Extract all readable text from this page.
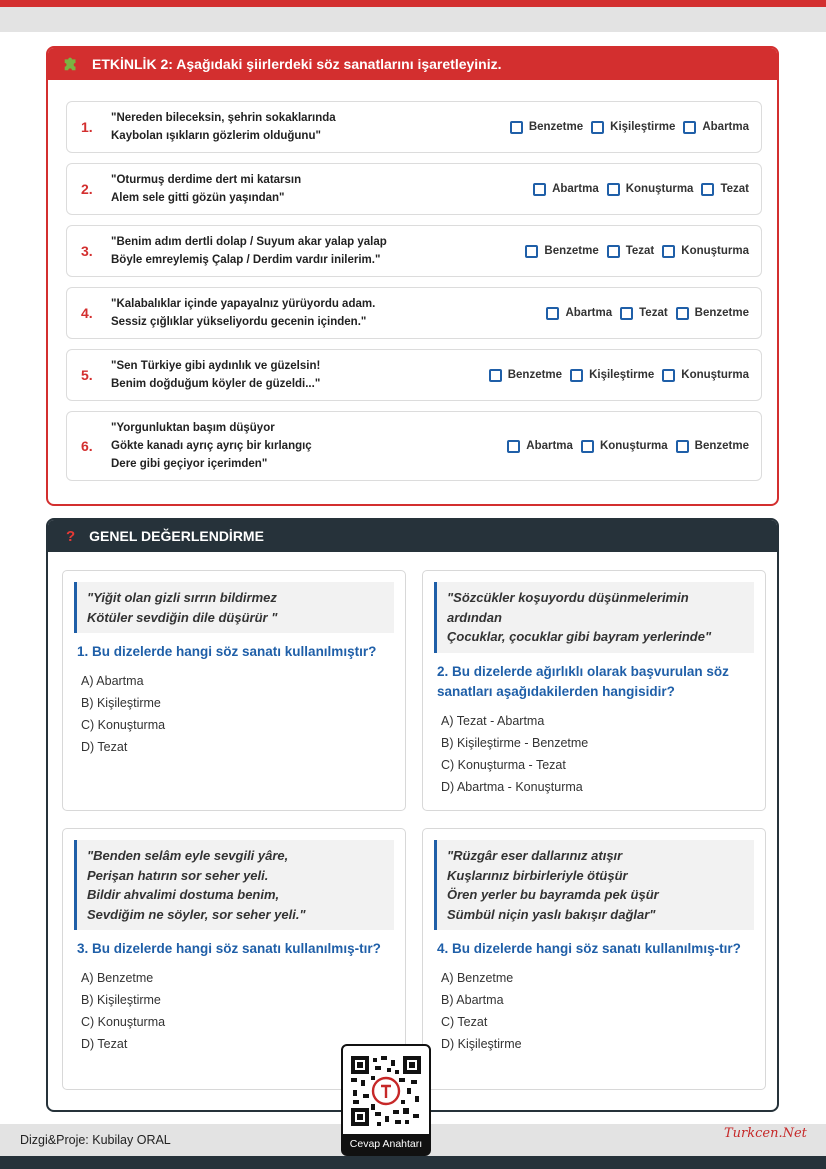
ETKİNLİK 2: Aşağıdaki şiirlerdeki söz sanatlarını işaretleyiniz.
1.
"Nereden bileceksin, şehrin sokaklarında
Kaybolan ışıkların gözlerim olduğunu"
Benzetme Kişileştirme Abartma
2.
"Oturmuş derdime dert mi katarsın
Alem sele gitti gözün yaşından"
Abartma Konuşturma Tezat
3.
"Benim adım dertli dolap / Suyum akar yalap yalap
Böyle emreylemiş Çalap / Derdim vardır inilerim."
Benzetme Tezat Konuşturma
4.
"Kalabalıklar içinde yapayalnız yürüyordu adam.
Sessiz çığlıklar yükseliyordu gecenin içinden."
Abartma Tezat Benzetme
5.
"Sen Türkiye gibi aydınlık ve güzelsin!
Benim doğduğum köyler de güzeldi..."
Benzetme Kişileştirme Konuşturma
6.
"Yorgunluktan başım düşüyor
Gökte kanadı ayrıç ayrıç bir kırlangıç
Dere gibi geçiyor içerimden"
Abartma Konuşturma Benzetme
? GENEL DEĞERLENDİRME
"Yiğit olan gizli sırrın bildirmez
Kötüler sevdiğin dile düşürür "
1. Bu dizelerde hangi söz sanatı kullanılmıştır?
A) Abartma
B) Kişileştirme
C) Konuşturma
D) Tezat
"Sözcükler koşuyordu düşünmelerimin
ardından
Çocuklar, çocuklar gibi bayram yerlerinde"
2. Bu dizelerde ağırlıklı olarak başvurulan söz sanatları aşağıdakilerden hangisidir?
A) Tezat - Abartma
B) Kişileştirme - Benzetme
C) Konuşturma - Tezat
D) Abartma - Konuşturma
"Benden selâm eyle sevgili yâre,
Perişan hatırın sor seher yeli.
Bildir ahvalimi dostuma benim,
Sevdiğim ne söyler, sor seher yeli."
3. Bu dizelerde hangi söz sanatı kullanılmış-tır?
A) Benzetme
B) Kişileştirme
C) Konuşturma
D) Tezat
"Rüzgâr eser dallarınız atışır
Kuşlarınız birbirleriyle ötüşür
Ören yerler bu bayramda pek üşür
Sümbül niçin yaslı bakışır dağlar"
4. Bu dizelerde hangi söz sanatı kullanılmış-tır?
A) Benzetme
B) Abartma
C) Tezat
D) Kişileştirme
Dizgi&Proje: Kubilay ORAL	Turkcen.Net
Cevap Anahtarı
